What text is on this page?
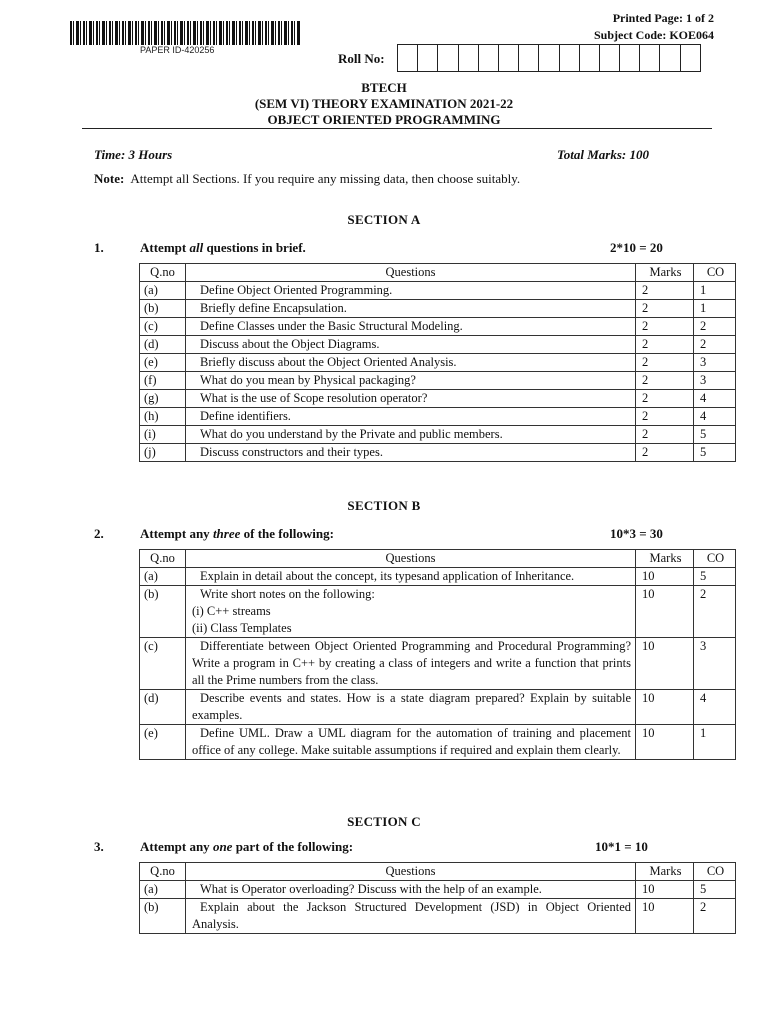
PAPER ID-420256
Printed Page: 1 of 2
Subject Code: KOE064
Roll No:
BTECH
(SEM VI) THEORY EXAMINATION 2021-22
OBJECT ORIENTED PROGRAMMING
Time: 3 Hours	Total Marks: 100
Note: Attempt all Sections. If you require any missing data, then choose suitably.
SECTION A
1.	Attempt all questions in brief.	2*10 = 20
Q.no	Questions	Marks	CO
(a)	Define Object Oriented Programming.	2	1
(b)	Briefly define Encapsulation.	2	1
(c)	Define Classes under the Basic Structural Modeling.	2	2
(d)	Discuss about the Object Diagrams.	2	2
(e)	Briefly discuss about the Object Oriented Analysis.	2	3
(f)	What do you mean by Physical packaging?	2	3
(g)	What is the use of Scope resolution operator?	2	4
(h)	Define identifiers.	2	4
(i)	What do you understand by the Private and public members.	2	5
(j)	Discuss constructors and their types.	2	5
SECTION B
2.	Attempt any three of the following:	10*3 = 30
Q.no	Questions	Marks	CO
(a)	Explain in detail about the concept, its typesand application of Inheritance.	10	5
(b)	Write short notes on the following:
(i) C++ streams
(ii) Class Templates	10	2
(c)	Differentiate between Object Oriented Programming and Procedural Programming? Write a program in C++ by creating a class of integers and write a function that prints all the Prime numbers from the class.	10	3
(d)	Describe events and states. How is a state diagram prepared? Explain by suitable examples.	10	4
(e)	Define UML. Draw a UML diagram for the automation of training and placement office of any college. Make suitable assumptions if required and explain them clearly.	10	1
SECTION C
3.	Attempt any one part of the following:	10*1 = 10
Q.no	Questions	Marks	CO
(a)	What is Operator overloading? Discuss with the help of an example.	10	5
(b)	Explain about the Jackson Structured Development (JSD) in Object Oriented Analysis.	10	2
